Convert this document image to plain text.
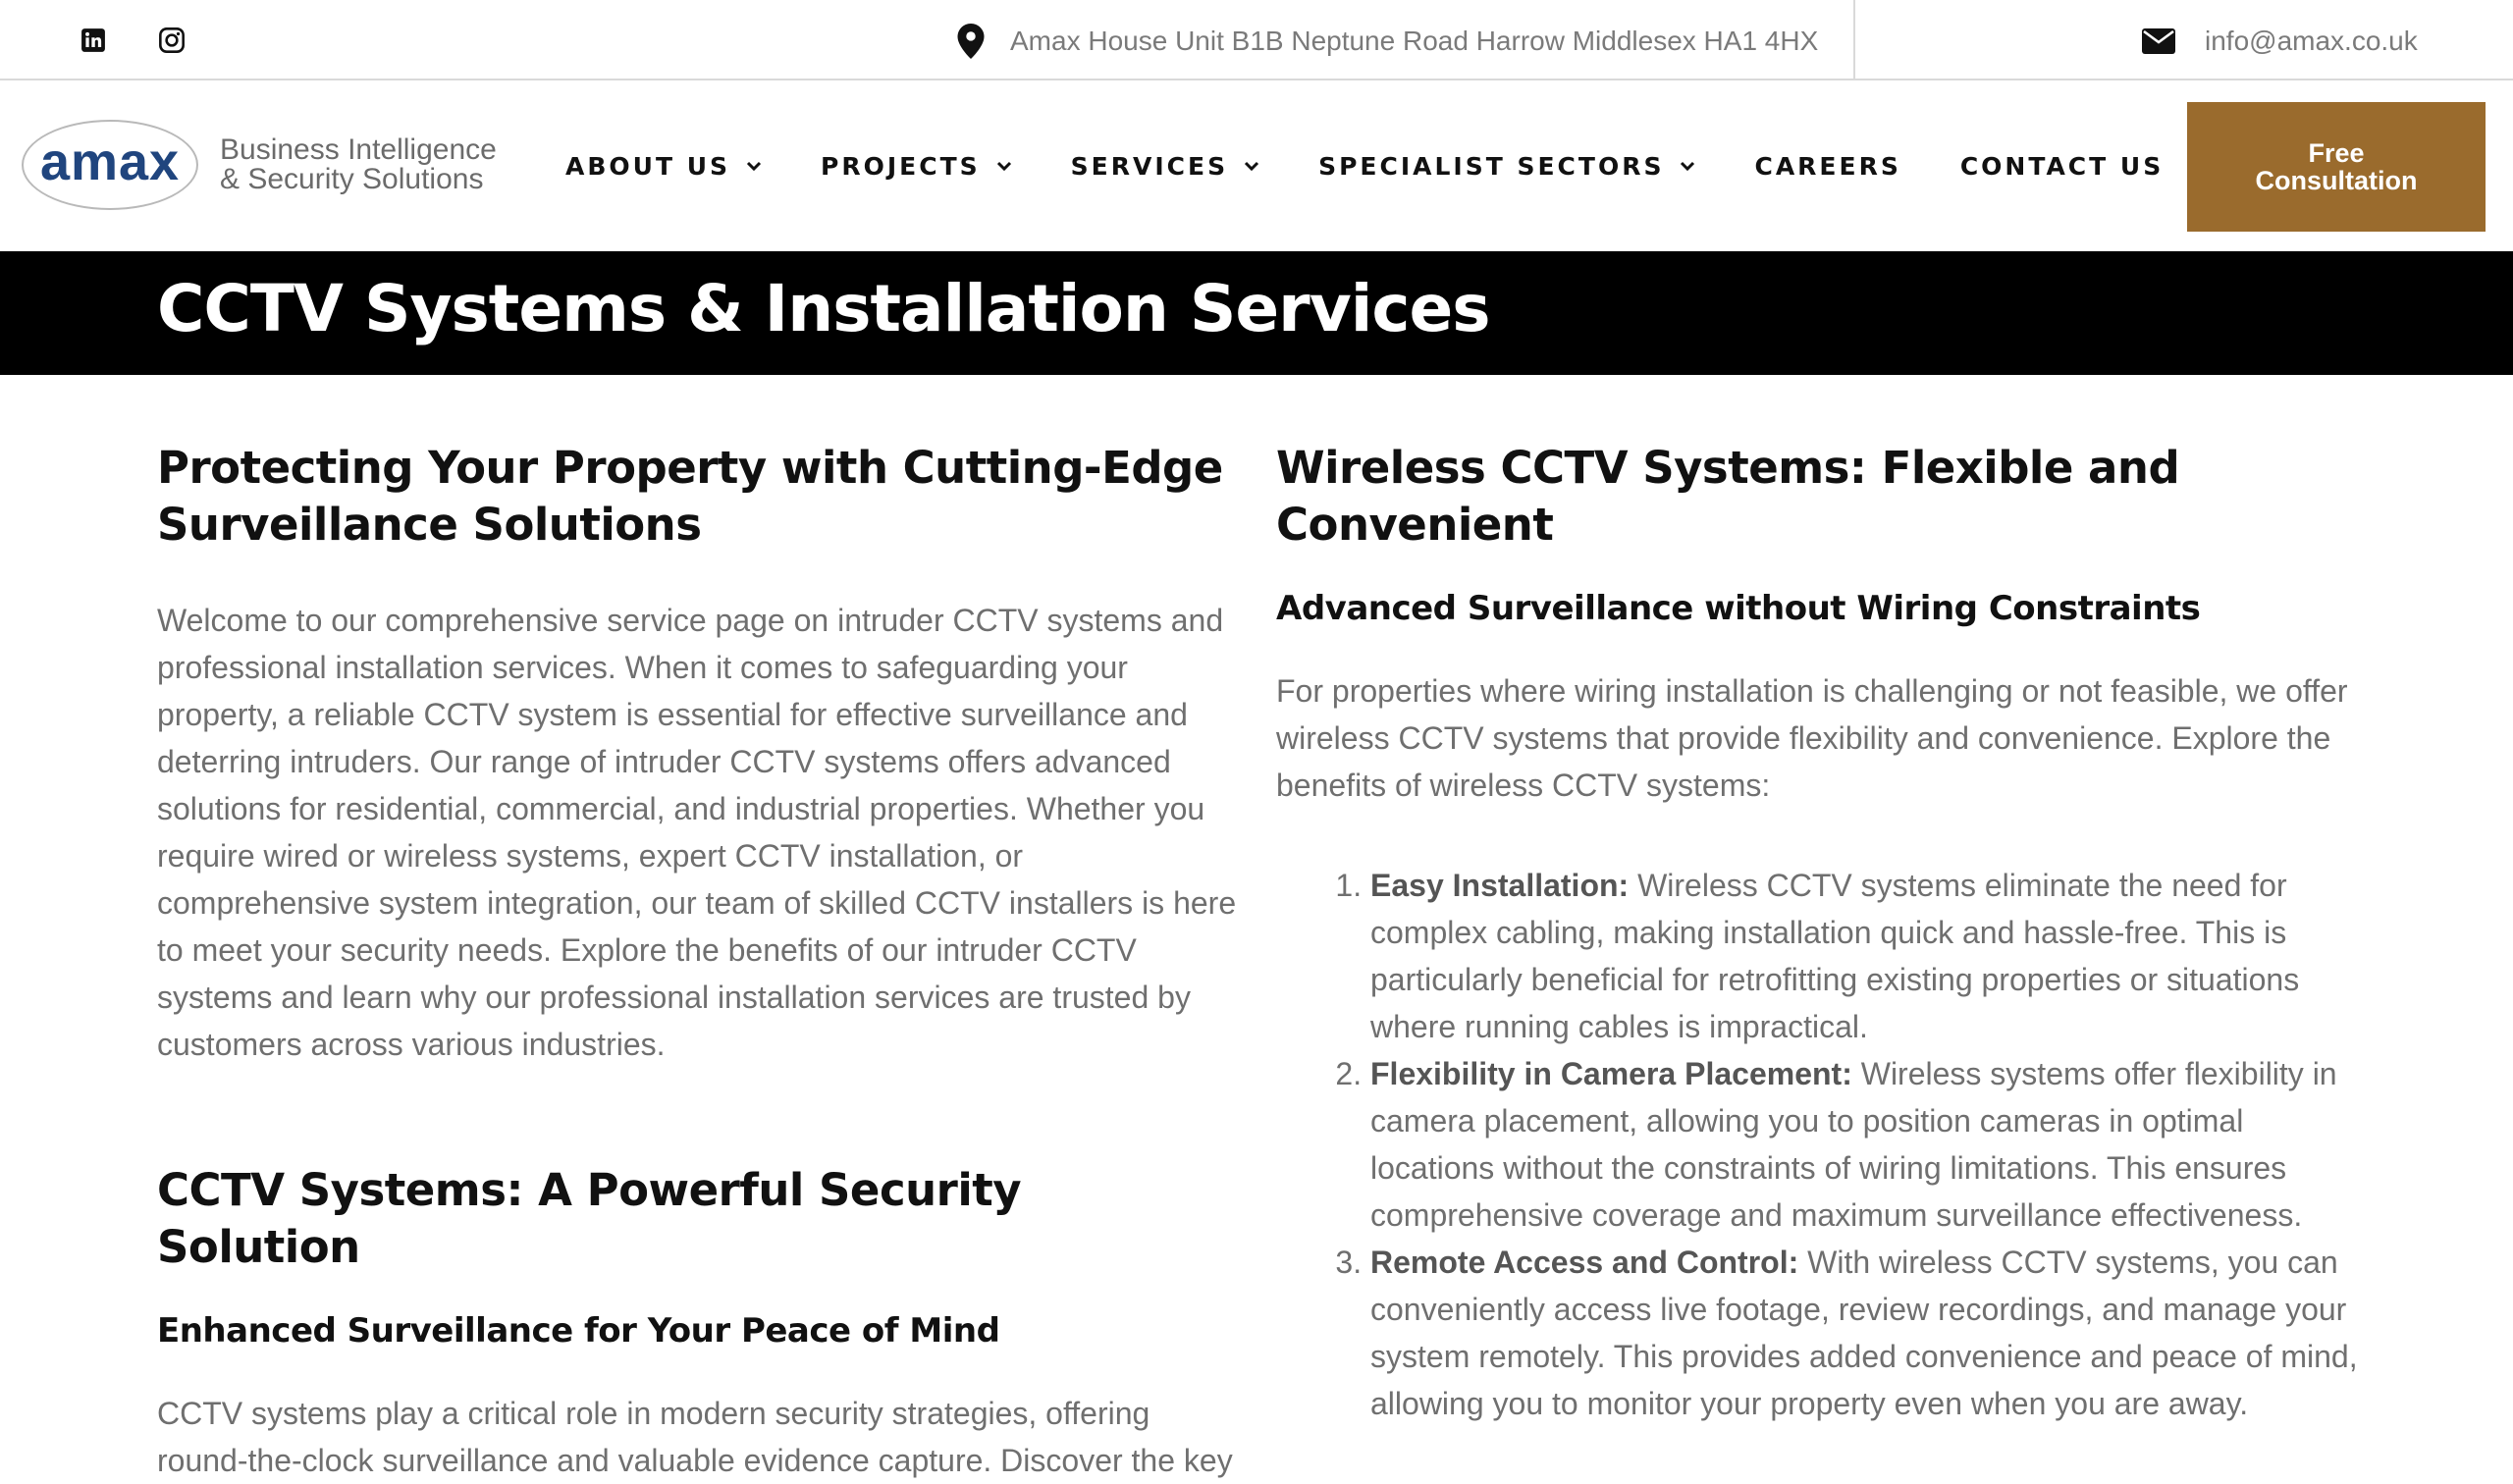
Amax House Unit B1B Neptune Road Harrow Middlesex HA1 4HX	info@amax.co.uk
amax Business Intelligence
& Security Solutions	ABOUT US	PROJECTS	SERVICES	SPECIALIST SECTORS	CAREERS CONTACT US	Free
Consultation
CCTV Systems & Installation Services
Protecting Your Property with Cutting-Edge Surveillance Solutions

Welcome to our comprehensive service page on intruder CCTV systems and professional installation services. When it comes to safeguarding your property, a reliable CCTV system is essential for effective surveillance and deterring intruders. Our range of intruder CCTV systems offers advanced solutions for residential, commercial, and industrial properties. Whether you require wired or wireless systems, expert CCTV installation, or comprehensive system integration, our team of skilled CCTV installers is here to meet your security needs. Explore the benefits of our intruder CCTV systems and learn why our professional installation services are trusted by customers across various industries.

CCTV Systems: A Powerful Security Solution
Enhanced Surveillance for Your Peace of Mind

CCTV systems play a critical role in modern security strategies, offering round-the-clock surveillance and valuable evidence capture. Discover the key

Wireless CCTV Systems: Flexible and Convenient
Advanced Surveillance without Wiring Constraints

For properties where wiring installation is challenging or not feasible, we offer wireless CCTV systems that provide flexibility and convenience. Explore the benefits of wireless CCTV systems:

1. Easy Installation: Wireless CCTV systems eliminate the need for complex cabling, making installation quick and hassle-free. This is particularly beneficial for retrofitting existing properties or situations where running cables is impractical.
2. Flexibility in Camera Placement: Wireless systems offer flexibility in camera placement, allowing you to position cameras in optimal locations without the constraints of wiring limitations. This ensures comprehensive coverage and maximum surveillance effectiveness.
3. Remote Access and Control: With wireless CCTV systems, you can conveniently access live footage, review recordings, and manage your system remotely. This provides added convenience and peace of mind, allowing you to monitor your property even when you are away.
